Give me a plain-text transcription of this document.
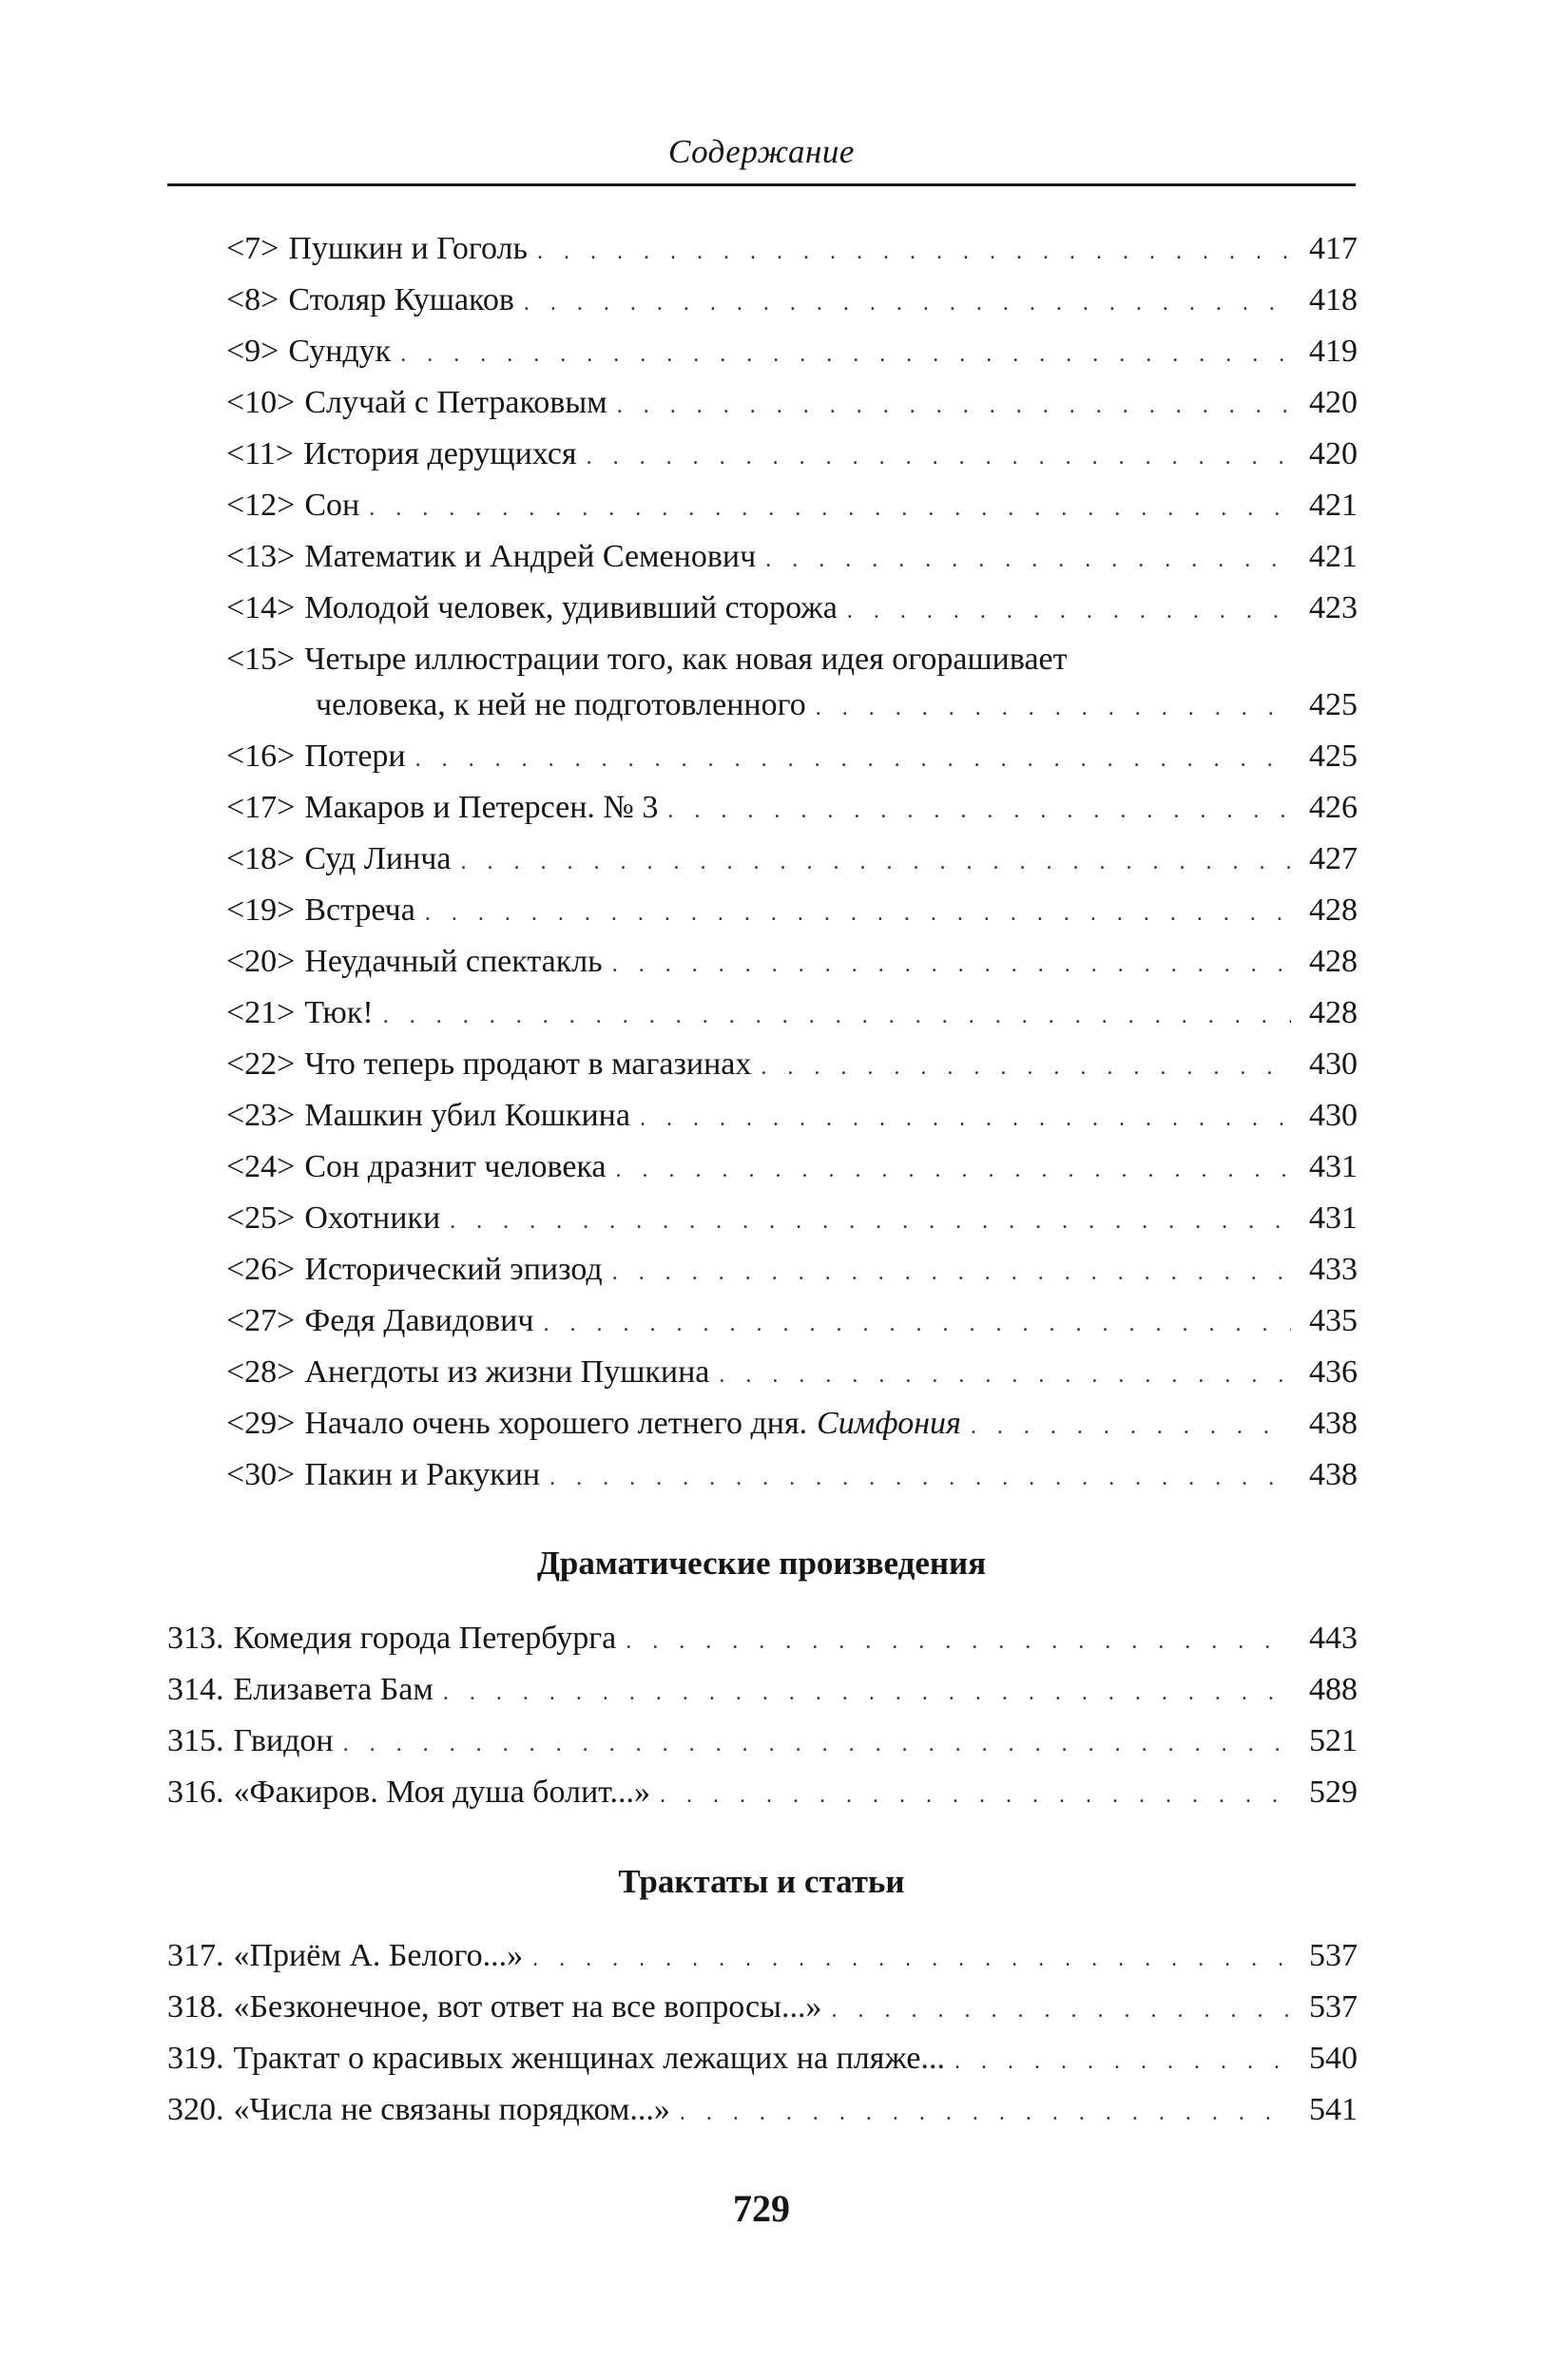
Содержание
<7> Пушкин и Гоголь . . .	417
<8> Столяр Кушаков . . .	418
<9> Сундук . . .	419
<10> Случай с Петраковым . . .	420
<11> История дерущихся . . .	420
<12> Сон . . .	421
<13> Математик и Андрей Семенович . . .	421
<14> Молодой человек, удививший сторожа . . .	423
<15> Четыре иллюстрации того, как новая идея огорашивает
человека, к ней не подготовленного . . .	425
<16> Потери . . .	425
<17> Макаров и Петерсен. № 3 . . .	426
<18> Суд Линча . . .	427
<19> Встреча . . .	428
<20> Неудачный спектакль . . .	428
<21> Тюк! . . .	428
<22> Что теперь продают в магазинах . . .	430
<23> Машкин убил Кошкина . . .	430
<24> Сон дразнит человека . . .	431
<25> Охотники . . .	431
<26> Исторический эпизод . . .	433
<27> Федя Давидович . . .	435
<28> Анегдоты из жизни Пушкина . . .	436
<29> Начало очень хорошего летнего дня. Симфония . . .	438
<30> Пакин и Ракукин . . .	438
Драматические произведения
313. Комедия города Петербурга . . .	443
314. Елизавета Бам . . .	488
315. Гвидон . . .	521
316. «Факиров. Моя душа болит...» . . .	529
Трактаты и статьи
317. «Приём А. Белого...» . . .	537
318. «Безконечное, вот ответ на все вопросы...» . . .	537
319. Трактат о красивых женщинах лежащих на пляже... . . .	540
320. «Числа не связаны порядком...» . . .	541
729
